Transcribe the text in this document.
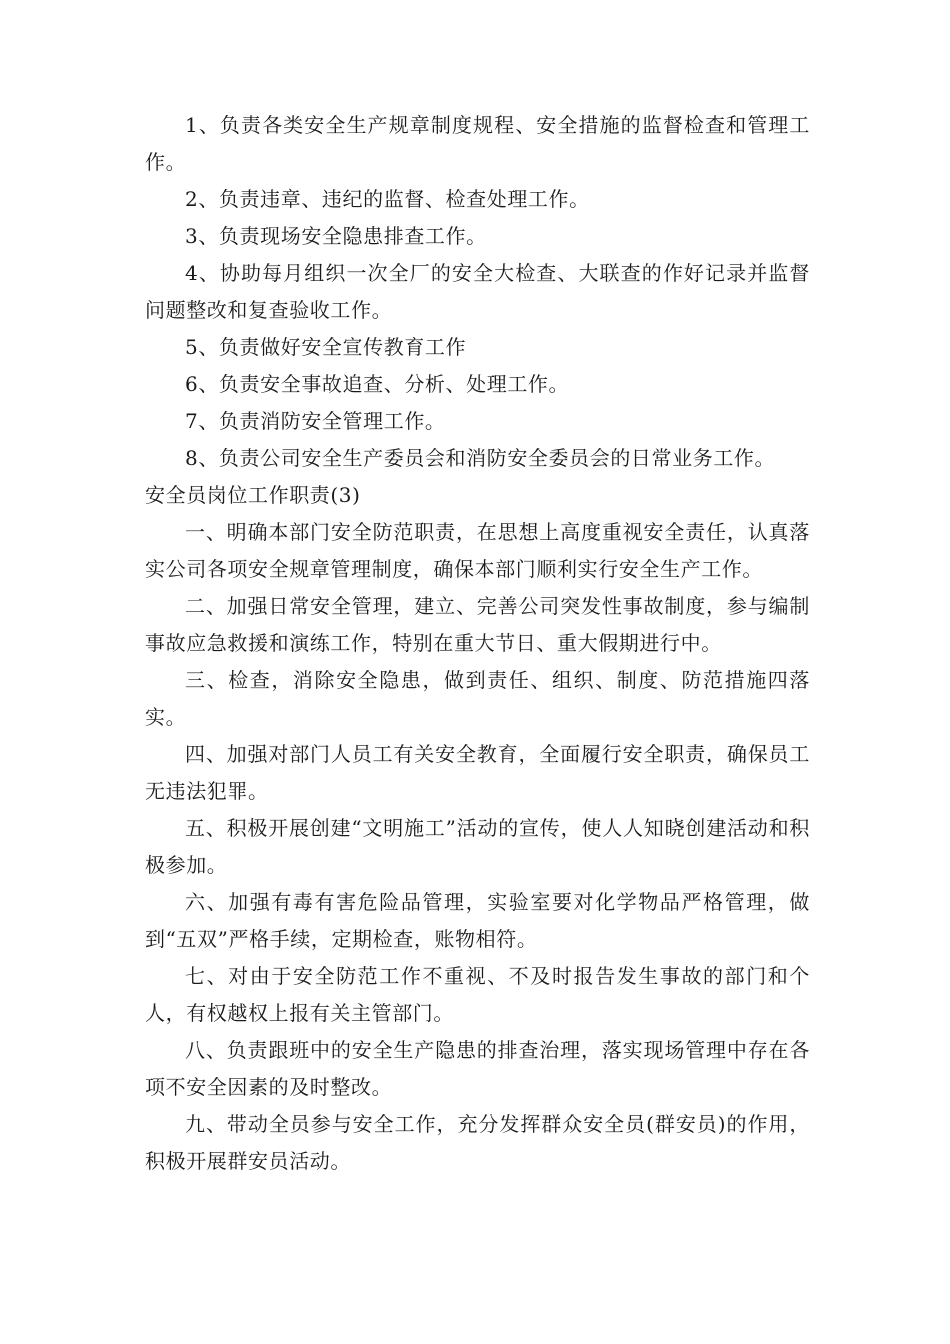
1、负责各类安全生产规章制度规程、安全措施的监督检查和管理工作。

2、负责违章、违纪的监督、检查处理工作。

3、负责现场安全隐患排查工作。

4、协助每月组织一次全厂的安全大检查、大联查的作好记录并监督问题整改和复查验收工作。

5、负责做好安全宣传教育工作

6、负责安全事故追查、分析、处理工作。

7、负责消防安全管理工作。

8、负责公司安全生产委员会和消防安全委员会的日常业务工作。

安全员岗位工作职责(3)

一、明确本部门安全防范职责，在思想上高度重视安全责任，认真落实公司各项安全规章管理制度，确保本部门顺利实行安全生产工作。

二、加强日常安全管理，建立、完善公司突发性事故制度，参与编制事故应急救援和演练工作，特别在重大节日、重大假期进行中。

三、检查，消除安全隐患，做到责任、组织、制度、防范措施四落实。

四、加强对部门人员工有关安全教育，全面履行安全职责，确保员工无违法犯罪。

五、积极开展创建“文明施工”活动的宣传，使人人知晓创建活动和积极参加。

六、加强有毒有害危险品管理，实验室要对化学物品严格管理，做到“五双”严格手续，定期检查，账物相符。

七、对由于安全防范工作不重视、不及时报告发生事故的部门和个人，有权越权上报有关主管部门。

八、负责跟班中的安全生产隐患的排查治理，落实现场管理中存在各项不安全因素的及时整改。

九、带动全员参与安全工作，充分发挥群众安全员(群安员)的作用，积极开展群安员活动。
